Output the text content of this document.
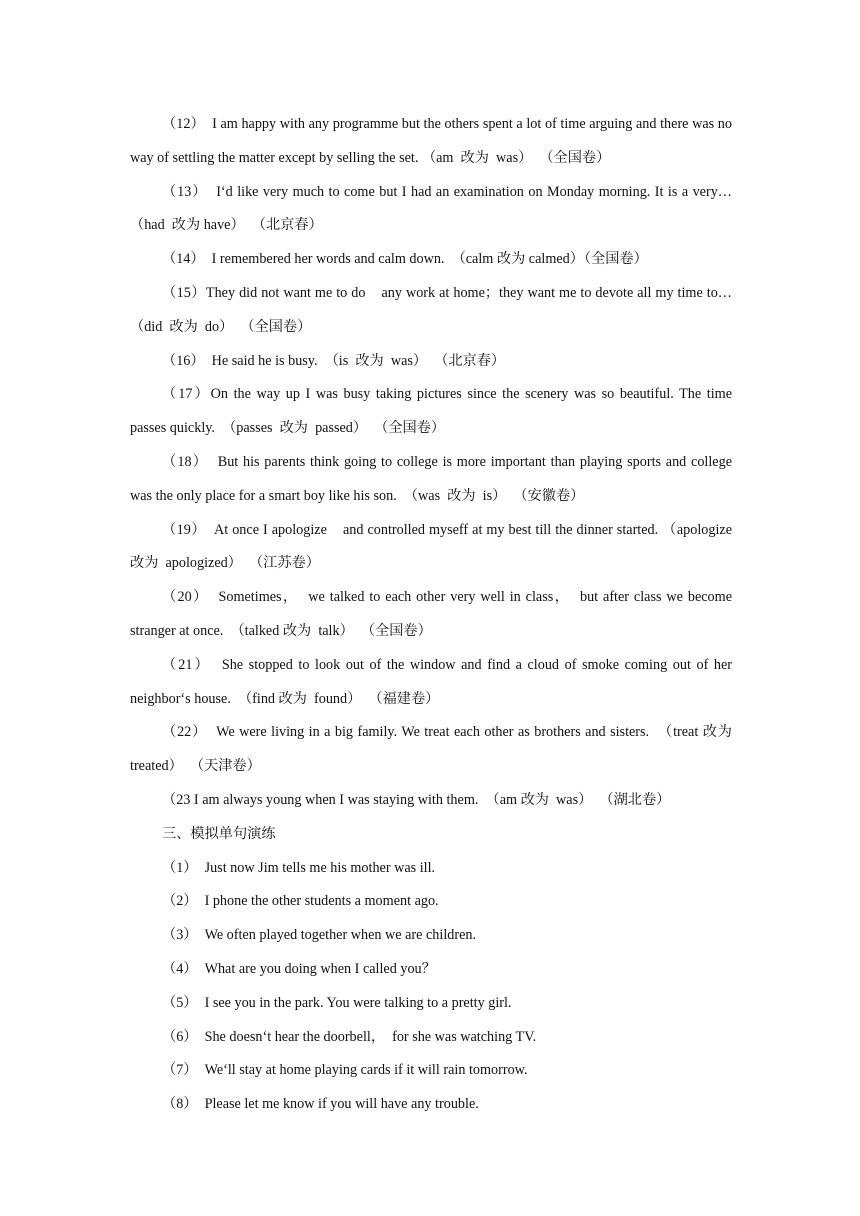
（12）  I am happy with any programme but the others spent a lot of time arguing and there was no way of settling the matter except by selling the set. （am  改为  was）  （全国卷）

（13）  I‘d like very much to come but I had an examination on Monday morning. It is a very…  （had  改为 have）  （北京春）

（14）  I remembered her words and calm down.  （calm 改为 calmed）（全国卷）

（15）They did not want me to do    any work at home；they want me to devote all my time to…  （did  改为  do）  （全国卷）

（16）  He said he is busy.  （is  改为  was）  （北京春）

（17）On the way up I was busy taking pictures since the scenery was so beautiful. The time passes quickly.  （passes  改为  passed）  （全国卷）

（18）  But his parents think going to college is more important than playing sports and college was the only place for a smart boy like his son.  （was  改为  is）  （安徽卷）

（19）  At once I apologize    and controlled myseff at my best till the dinner started. （apologize 改为  apologized）  （江苏卷）

（20）  Sometimes，  we talked to each other very well in class，  but after class we become stranger at once.  （talked 改为  talk）  （全国卷）

（21）  She stopped to look out of the window and find a cloud of smoke coming out of her neighbor‘s house.  （find 改为  found）  （福建卷）

（22）  We were living in a big family. We treat each other as brothers and sisters.  （treat 改为  treated）  （天津卷）

（23 I am always young when I was staying with them.  （am 改为  was）  （湖北卷）

三、模拟单句演练

（1）  Just now Jim tells me his mother was ill.

（2）  I phone the other students a moment ago.

（3）  We often played together when we are children.

（4）  What are you doing when I called you？

（5）  I see you in the park. You were talking to a pretty girl.

（6）  She doesn‘t hear the doorbell，  for she was watching TV.

（7）  We‘ll stay at home playing cards if it will rain tomorrow.

（8）  Please let me know if you will have any trouble.
